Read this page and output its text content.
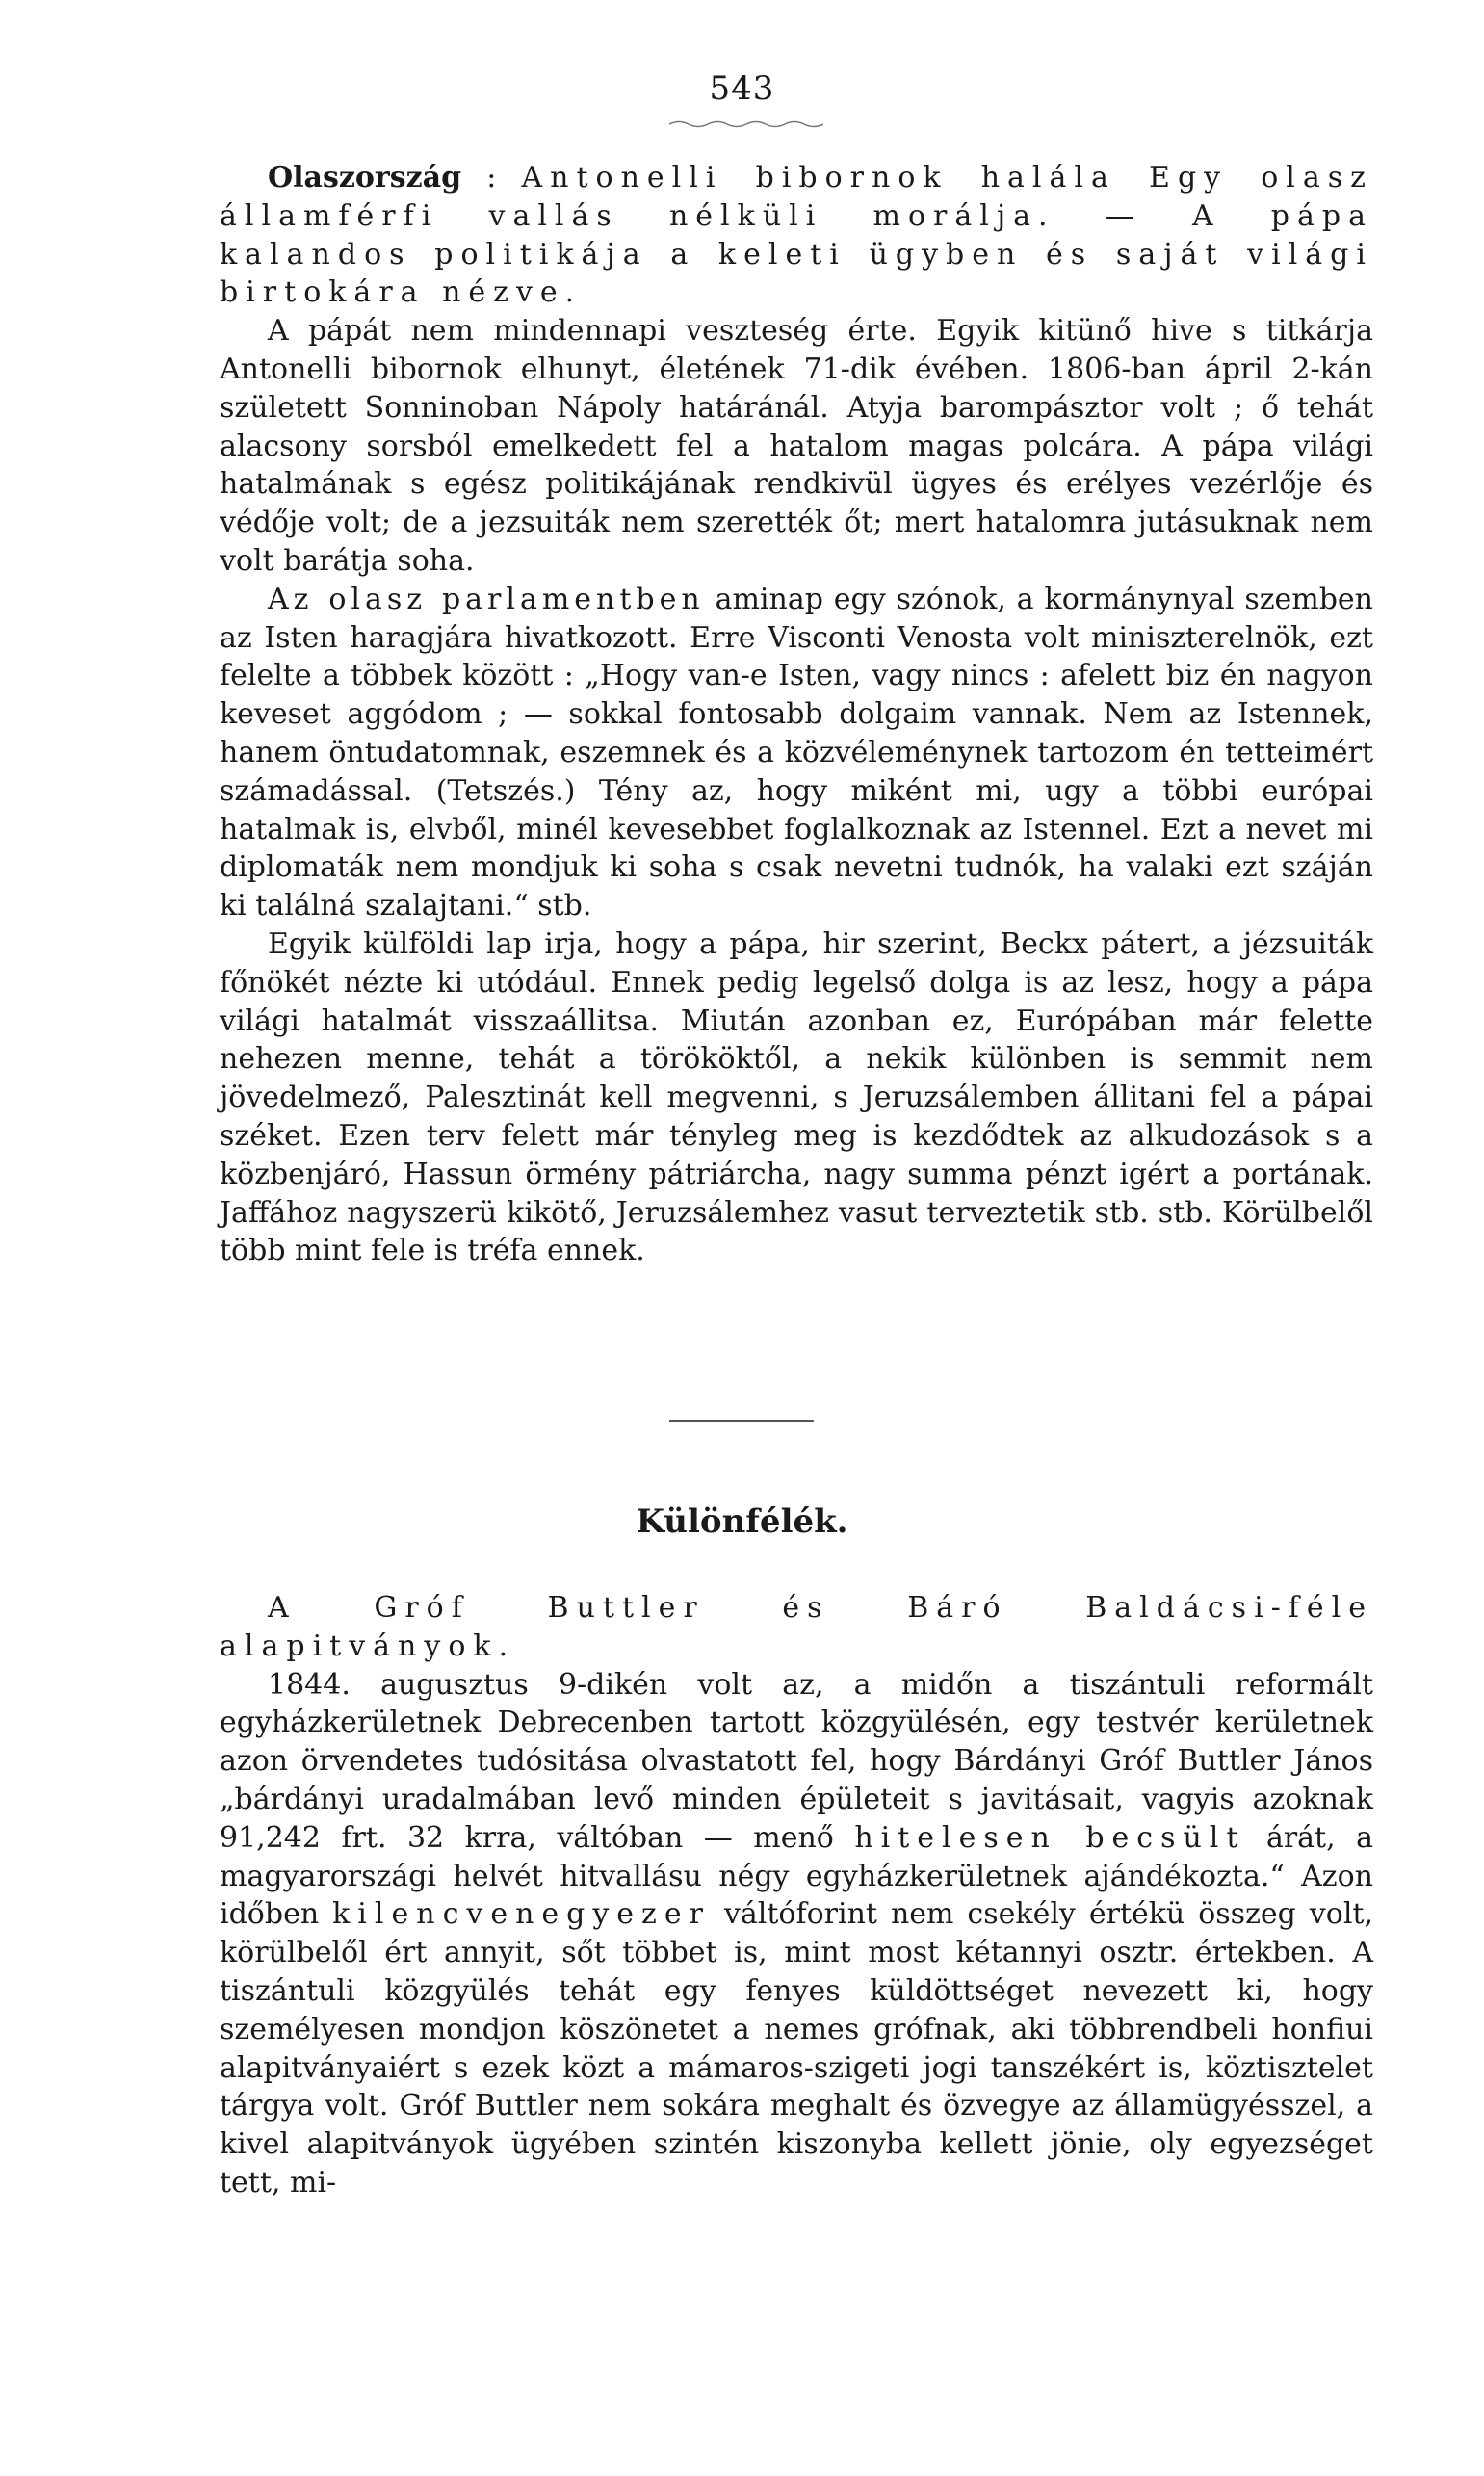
543

Olaszország : Antonelli bibornok halála Egy olasz államférfi vallás nélküli morálja. — A pápa kalandos politikája a keleti ügyben és saját világi birtokára nézve.

A pápát nem mindennapi veszteség érte. Egyik kitünő hive s titkárja Antonelli bibornok elhunyt, életének 71-dik évében. 1806-ban ápril 2-kán született Sonninoban Nápoly határánál. Atyja barompásztor volt ; ő tehát alacsony sorsból emelkedett fel a hatalom magas polcára. A pápa világi hatalmának s egész politikájának rendkivül ügyes és erélyes vezérlője és védője volt; de a jezsuiták nem szerették őt; mert hatalomra jutásuknak nem volt barátja soha.

Az olasz parlamentben aminap egy szónok, a kormánynyal szemben az Isten haragjára hivatkozott. Erre Visconti Venosta volt miniszterelnök, ezt felelte a többek között : „Hogy van-e Isten, vagy nincs : afelett biz én nagyon keveset aggódom ; — sokkal fontosabb dolgaim vannak. Nem az Istennek, hanem öntudatomnak, eszemnek és a közvéleménynek tartozom én tetteimért számadással. (Tetszés.) Tény az, hogy miként mi, ugy a többi európai hatalmak is, elvből, minél kevesebbet foglalkoznak az Istennel. Ezt a nevet mi diplomaták nem mondjuk ki soha s csak nevetni tudnók, ha valaki ezt száján ki találná szalajtani.“ stb.

Egyik külföldi lap irja, hogy a pápa, hir szerint, Beckx pátert, a jézsuiták főnökét nézte ki utódául. Ennek pedig legelső dolga is az lesz, hogy a pápa világi hatalmát visszaállitsa. Miután azonban ez, Európában már felette nehezen menne, tehát a törököktől, a nekik különben is semmit nem jövedelmező, Palesztinát kell megvenni, s Jeruzsálemben állitani fel a pápai széket. Ezen terv felett már tényleg meg is kezdődtek az alkudozások s a közbenjáró, Hassun örmény pátriárcha, nagy summa pénzt igért a portának. Jaffához nagyszerü kikötő, Jeruzsálemhez vasut terveztetik stb. stb. Körülbelől több mint fele is tréfa ennek.

Különfélék.

A Gróf Buttler és Báró Baldácsi-féle alapitványok.

1844. augusztus 9-dikén volt az, a midőn a tiszántuli reformált egyházkerületnek Debrecenben tartott közgyülésén, egy testvér kerületnek azon örvendetes tudósitása olvastatott fel, hogy Bárdányi Gróf Buttler János „bárdányi uradalmában levő minden épületeit s javitásait, vagyis azoknak 91,242 frt. 32 krra, váltóban — menő hitelesen becsült árát, a magyarországi helvét hitvallásu négy egyházkerületnek ajándékozta.“ Azon időben kilencvenegyezer váltóforint nem csekély értékü összeg volt, körülbelől ért annyit, sőt többet is, mint most kétannyi osztr. értekben. A tiszántuli közgyülés tehát egy fenyes küldöttséget nevezett ki, hogy személyesen mondjon köszönetet a nemes grófnak, aki többrendbeli honfiui alapitványaiért s ezek közt a mámaros-szigeti jogi tanszékért is, köztisztelet tárgya volt. Gróf Buttler nem sokára meghalt és özvegye az államügyésszel, a kivel alapitványok ügyében szintén kiszonyba kellett jönie, oly egyezséget tett, mi-
